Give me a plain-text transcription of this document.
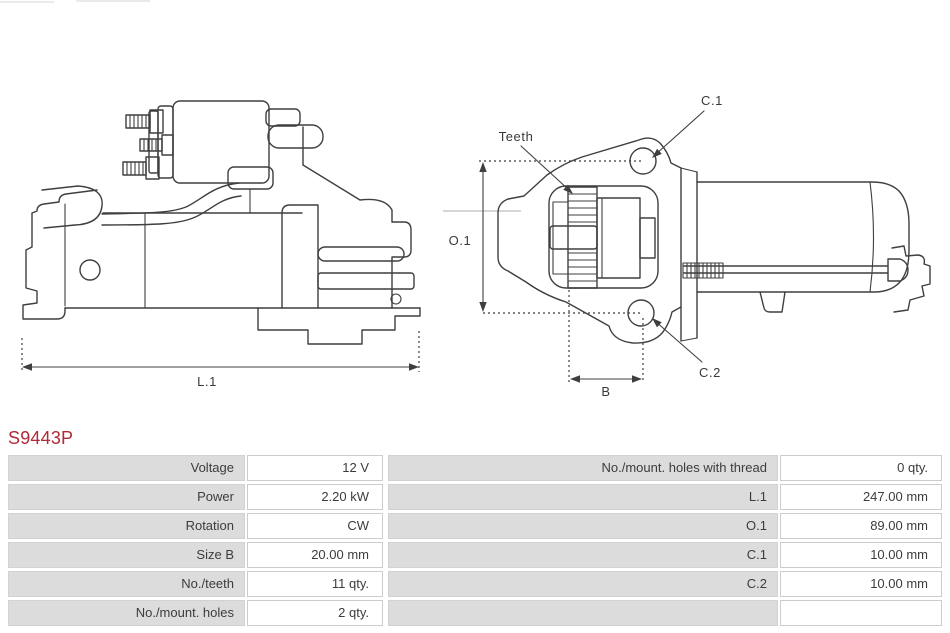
L.1
O.1
B
Teeth
C.1
C.2
S9443P
Voltage	12 V
Power	2.20 kW
Rotation	CW
Size B	20.00 mm
No./teeth	11 qty.
No./mount. holes	2 qty.
No./mount. holes with thread	0 qty.
L.1	247.00 mm
O.1	89.00 mm
C.1	10.00 mm
C.2	10.00 mm
